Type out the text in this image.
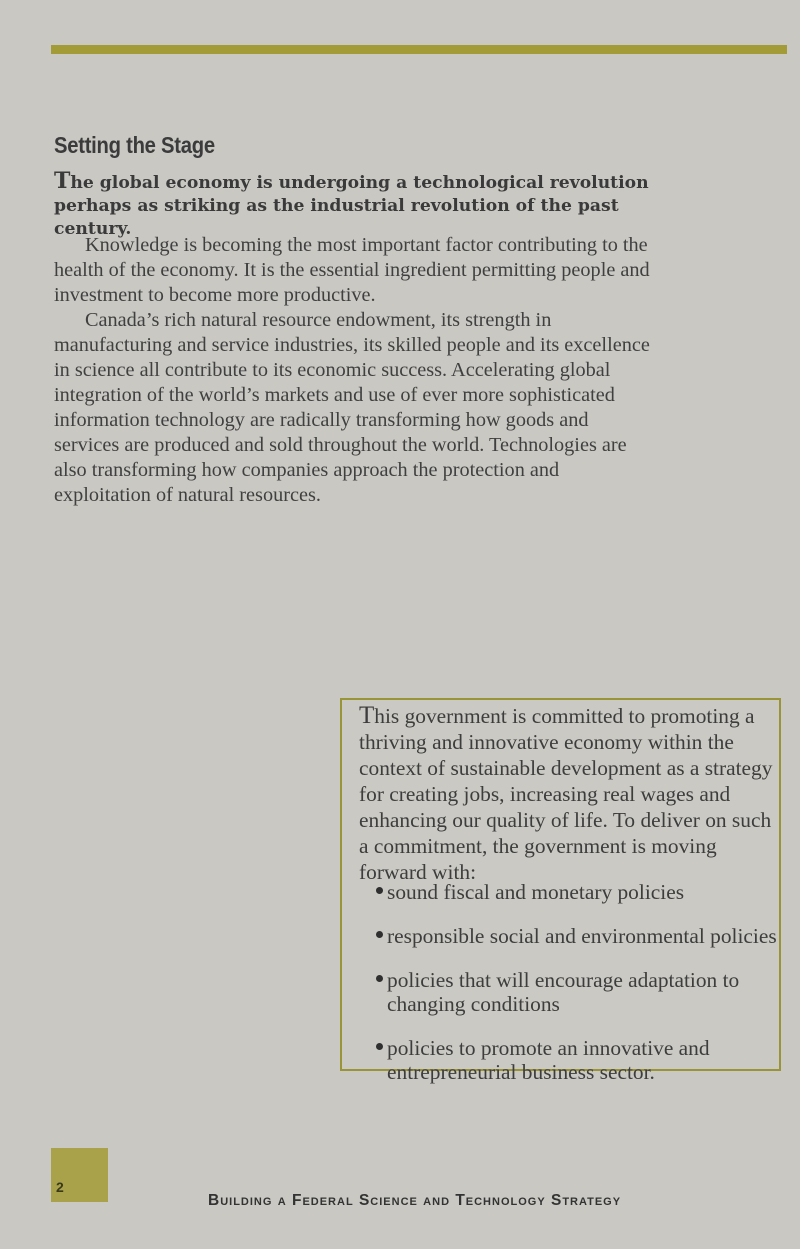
Setting the Stage

The global economy is undergoing a technological revolution perhaps as striking as the industrial revolution of the past century.

Knowledge is becoming the most important factor contributing to the health of the economy. It is the essential ingredient permitting people and investment to become more productive.

Canada’s rich natural resource endowment, its strength in manufacturing and service industries, its skilled people and its excellence in science all contribute to its economic success. Accelerating global integration of the world’s markets and use of ever more sophisticated information technology are radically transforming how goods and services are produced and sold throughout the world. Technologies are also transforming how companies approach the protection and exploitation of natural resources.

This government is committed to promoting a thriving and innovative economy within the context of sustainable development as a strategy for creating jobs, increasing real wages and enhancing our quality of life. To deliver on such a commitment, the government is moving forward with:

sound fiscal and monetary policies
responsible social and environmental policies
policies that will encourage adaptation to changing conditions
policies to promote an innovative and entrepreneurial business sector.
2
Building a Federal Science and Technology Strategy
